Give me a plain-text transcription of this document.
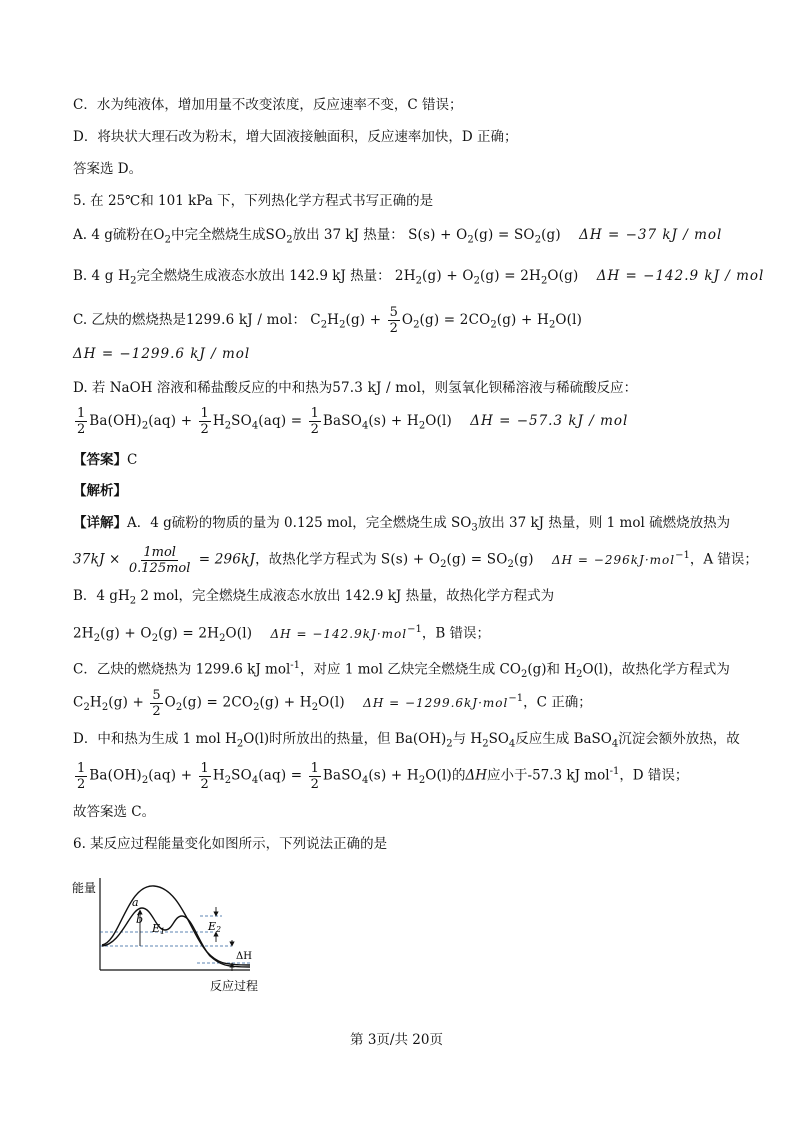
C．水为纯液体，增加用量不改变浓度，反应速率不变，C 错误；
D．将块状大理石改为粉末，增大固液接触面积，反应速率加快，D 正确；
答案选 D。
5. 在 25℃和 101 kPa 下，下列热化学方程式书写正确的是
A. 4 g硫粉在$O_2$中完全燃烧生成$SO_2$放出 37 kJ 热量： $S(s) + O_2(g) = SO_2(g) \Delta H = -37$ kJ / mol
B. 4 g $H_2$完全燃烧生成液态水放出 142.9 kJ 热量： $2H_2(g) + O_2(g) = 2H_2O(g) \Delta H = -142.9$ kJ / mol
C. 乙炔的燃烧热是1299.6 kJ / mol： $C_2H_2(g) + \frac{5}{2} O_2(g) = 2CO_2(g) + H_2O(l)$
ΔH = −1299.6 kJ / mol
D. 若 NaOH 溶液和稀盐酸反应的中和热为57.3 kJ / mol，则氢氧化钡稀溶液与稀硫酸反应：
$\frac{1}{2} Ba(OH)_2(aq) + \frac{1}{2} H_2SO_4(aq) = \frac{1}{2}$ BaSO$_4$(s) + $H_2O(l) \Delta H = -57.3$ kJ / mol
【答案】C
【解析】
【详解】A．4 g硫粉的物质的量为 0.125 mol，完全燃烧生成 $SO_3$放出 37 kJ 热量，则 1 mol 硫燃烧放热为
$37kJ \times \frac{\text{1mol}}{\text{0.125mol}} = 296kJ$，故热化学方程式为 $S(s) + O_2(g) = SO_2(g) \Delta H = -296kJ\cdot mol^{-1}$，A 错误；
B．4 $gH_2$ 2 mol，完全燃烧生成液态水放出 142.9 kJ 热量，故热化学方程式为
$2H_2(g) + O_2(g) = 2H_2O(l) \Delta H = -142.9kJ\cdot mol^{-1}$，B 错误；
C．乙炔的燃烧热为 1299.6 kJ mol$^{-1}$，对应 1 mol 乙炔完全燃烧生成 $CO_2(g)$和 $H_2O(l)$，故热化学方程式为
$C_2H_2(g) + \frac{5}{2} O_2(g) = 2CO_2(g) + H_2O(l) \Delta H = -1299.6kJ\cdot mol^{-1}$，C 正确；
D．中和热为生成 1 mol $H_2O(l)$时所放出的热量，但 $Ba(OH)_2$与 $H_2SO_4$反应生成 BaSO$_4$沉淀会额外放热，故
$\frac{1}{2} Ba(OH)_2(aq) + \frac{1}{2} H_2SO_4(aq) = \frac{1}{2}$ BaSO$_4$(s) + $H_2O(l)$的ΔH应小于-57.3 kJ mol$^{-1}$，D 错误；
故答案选 C。
6. 某反应过程能量变化如图所示，下列说法正确的是
能量
a
b
E1	E2
ΔH
反应过程
第 3页/共 20页
